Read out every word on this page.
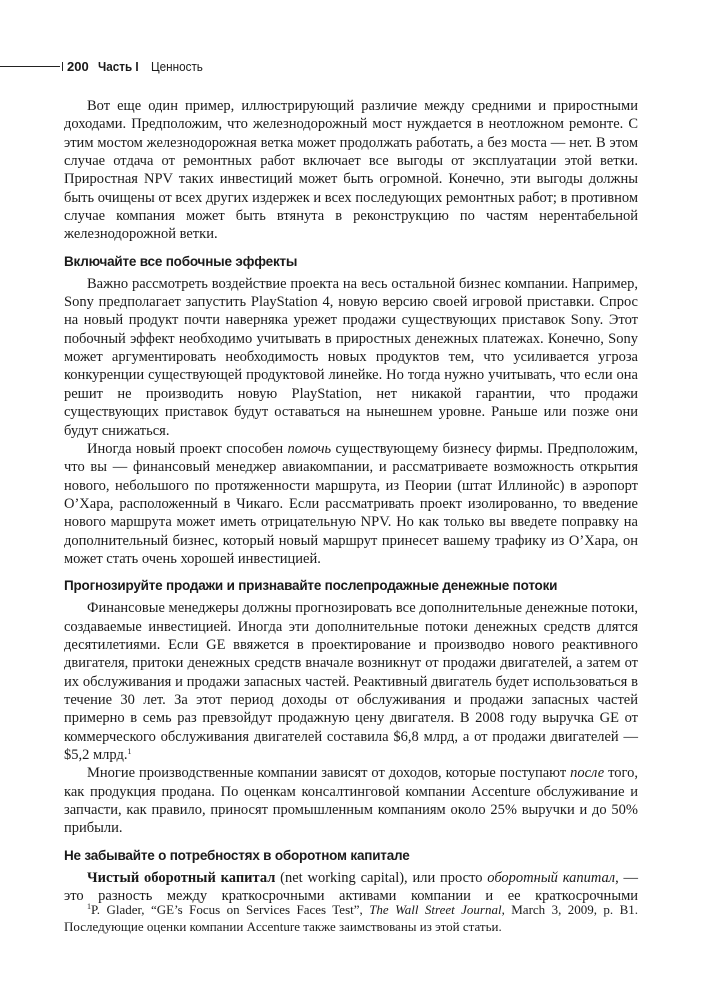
200 Часть I Ценность

Вот еще один пример, иллюстрирующий различие между средними и приростными доходами. Предположим, что железнодорожный мост нуждается в неотложном ремонте. С этим мостом железнодорожная ветка может продолжать работать, а без моста — нет. В этом случае отдача от ремонтных работ включает все выгоды от эксплуатации этой ветки. Приростная NPV таких инвестиций может быть огромной. Конечно, эти выгоды должны быть очищены от всех других издержек и всех последующих ремонтных работ; в противном случае компания может быть втянута в реконструкцию по частям нерентабельной железнодорожной ветки.

Включайте все побочные эффекты

Важно рассмотреть воздействие проекта на весь остальной бизнес компании. Например, Sony предполагает запустить PlayStation 4, новую версию своей игровой приставки. Спрос на новый продукт почти наверняка урежет продажи существующих приставок Sony. Этот побочный эффект необходимо учитывать в приростных денежных платежах. Конечно, Sony может аргументировать необходимость новых продуктов тем, что усиливается угроза конкуренции существующей продуктовой линейке. Но тогда нужно учитывать, что если она решит не производить новую PlayStation, нет никакой гарантии, что продажи существующих приставок будут оставаться на нынешнем уровне. Раньше или позже они будут снижаться.

Иногда новый проект способен помочь существующему бизнесу фирмы. Предположим, что вы — финансовый менеджер авиакомпании, и рассматриваете возможность открытия нового, небольшого по протяженности маршрута, из Пеории (штат Иллинойс) в аэропорт О’Хара, расположенный в Чикаго. Если рассматривать проект изолированно, то введение нового маршрута может иметь отрицательную NPV. Но как только вы введете поправку на дополнительный бизнес, который новый маршрут принесет вашему трафику из О’Хара, он может стать очень хорошей инвестицией.

Прогнозируйте продажи и признавайте послепродажные денежные потоки

Финансовые менеджеры должны прогнозировать все дополнительные денежные потоки, создаваемые инвестицией. Иногда эти дополнительные потоки денежных средств длятся десятилетиями. Если GE ввяжется в проектирование и производво нового реактивного двигателя, притоки денежных средств вначале возникнут от продажи двигателей, а затем от их обслуживания и продажи запасных частей. Реактивный двигатель будет использоваться в течение 30 лет. За этот период доходы от обслуживания и продажи запасных частей примерно в семь раз превзойдут продажную цену двигателя. В 2008 году выручка GE от коммерческого обслуживания двигателей составила $6,8 млрд, а от продажи двигателей — $5,2 млрд.$^1$

Многие производственные компании зависят от доходов, которые поступают после того, как продукция продана. По оценкам консалтинговой компании Accenture обслуживание и запчасти, как правило, приносят промышленным компаниям около 25% выручки и до 50% прибыли.

Не забывайте о потребностях в оборотном капитале

Чистый оборотный капитал (net working capital), или просто оборотный капитал, — это разность между краткосрочными активами компании и ее краткосрочными

$^1$P. Glader, “GE’s Focus on Services Faces Test”, The Wall Street Journal, March 3, 2009, p. B1. Последующие оценки компании Accenture также заимствованы из этой статьи.
